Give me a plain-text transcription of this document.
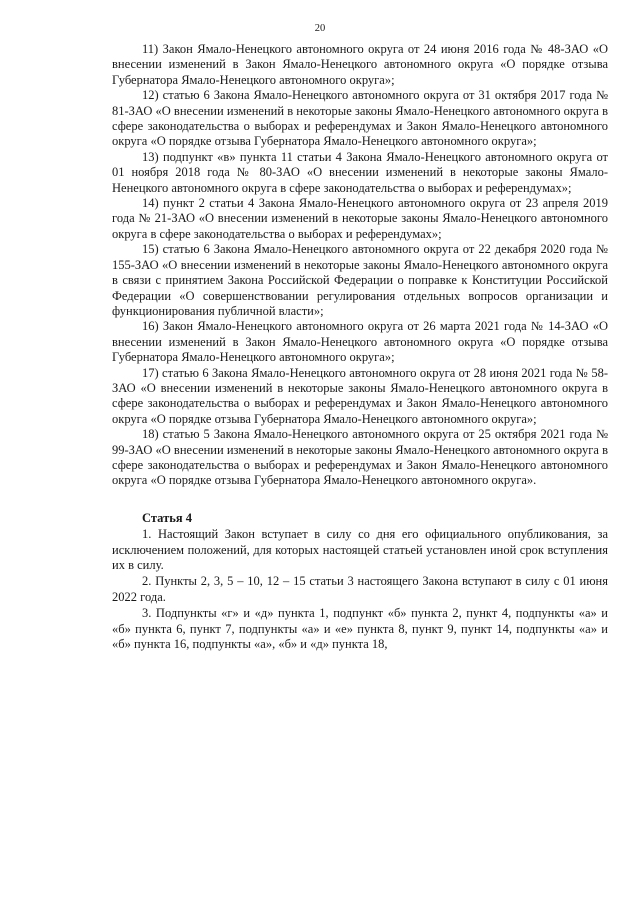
20

11) Закон Ямало-Ненецкого автономного округа от 24 июня 2016 года № 48-ЗАО «О внесении изменений в Закон Ямало-Ненецкого автономного округа «О порядке отзыва Губернатора Ямало-Ненецкого автономного округа»;

12) статью 6 Закона Ямало-Ненецкого автономного округа от 31 октября 2017 года № 81-ЗАО «О внесении изменений в некоторые законы Ямало-Ненецкого автономного округа в сфере законодательства о выборах и референдумах и Закон Ямало-Ненецкого автономного округа «О порядке отзыва Губернатора Ямало-Ненецкого автономного округа»;

13) подпункт «в» пункта 11 статьи 4 Закона Ямало-Ненецкого автономного округа от 01 ноября 2018 года № 80-ЗАО «О внесении изменений в некоторые законы Ямало-Ненецкого автономного округа в сфере законодательства о выборах и референдумах»;

14) пункт 2 статьи 4 Закона Ямало-Ненецкого автономного округа от 23 апреля 2019 года № 21-ЗАО «О внесении изменений в некоторые законы Ямало-Ненецкого автономного округа в сфере законодательства о выборах и референдумах»;

15) статью 6 Закона Ямало-Ненецкого автономного округа от 22 декабря 2020 года № 155-ЗАО «О внесении изменений в некоторые законы Ямало-Ненецкого автономного округа в связи с принятием Закона Российской Федерации о поправке к Конституции Российской Федерации «О совершенствовании регулирования отдельных вопросов организации и функционирования публичной власти»;

16) Закон Ямало-Ненецкого автономного округа от 26 марта 2021 года № 14-ЗАО «О внесении изменений в Закон Ямало-Ненецкого автономного округа «О порядке отзыва Губернатора Ямало-Ненецкого автономного округа»;

17) статью 6 Закона Ямало-Ненецкого автономного округа от 28 июня 2021 года № 58-ЗАО «О внесении изменений в некоторые законы Ямало-Ненецкого автономного округа в сфере законодательства о выборах и референдумах и Закон Ямало-Ненецкого автономного округа «О порядке отзыва Губернатора Ямало-Ненецкого автономного округа»;

18) статью 5 Закона Ямало-Ненецкого автономного округа от 25 октября 2021 года № 99-ЗАО «О внесении изменений в некоторые законы Ямало-Ненецкого автономного округа в сфере законодательства о выборах и референдумах и Закон Ямало-Ненецкого автономного округа «О порядке отзыва Губернатора Ямало-Ненецкого автономного округа».

Статья 4

1. Настоящий Закон вступает в силу со дня его официального опубликования, за исключением положений, для которых настоящей статьей установлен иной срок вступления их в силу.

2. Пункты 2, 3, 5 – 10, 12 – 15 статьи 3 настоящего Закона вступают в силу с 01 июня 2022 года.

3. Подпункты «г» и «д» пункта 1, подпункт «б» пункта 2, пункт 4, подпункты «а» и «б» пункта 6, пункт 7, подпункты «а» и «е» пункта 8, пункт 9, пункт 14, подпункты «а» и «б» пункта 16, подпункты «а», «б» и «д» пункта 18,
